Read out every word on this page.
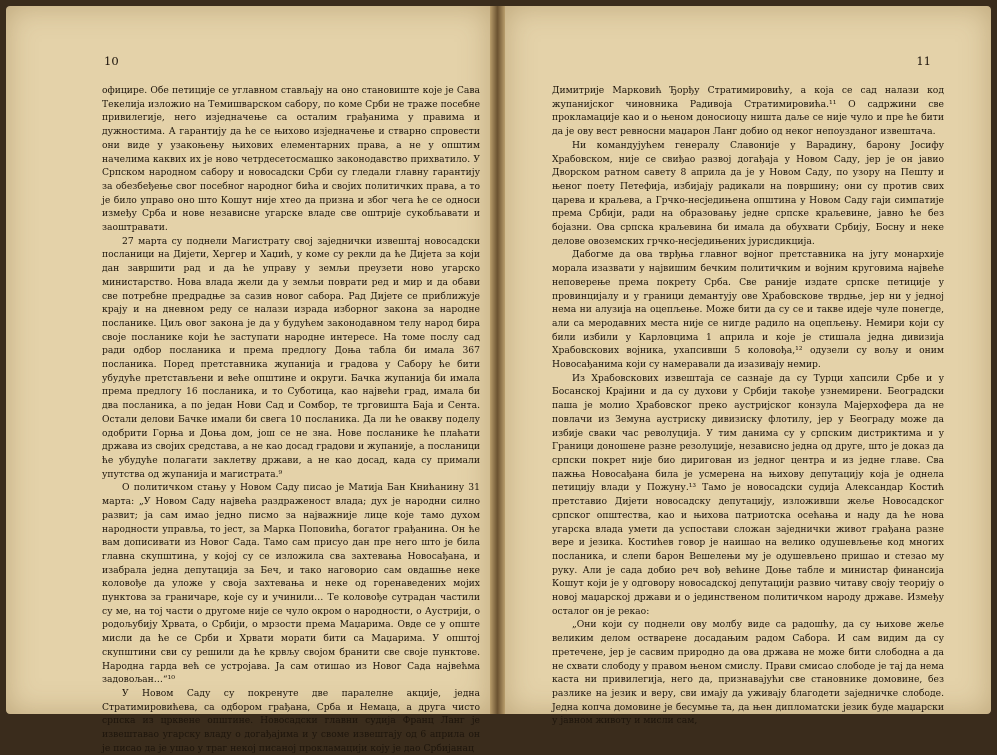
10

официре. Обе петиције се углавном стављају на оно становиште које је Сава Текелија изложио на Темишварском сабору, по коме Срби не траже посебне привилегије, него изједначење са осталим грађанима у правима и дужностима. А гарантију да ће се њихово изједначење и стварно спровести они виде у узакоњењу њихових елементарних права, а не у општим начелима каквих их је ново четрдесетосмашко законодавство прихватило. У Српском народном сабору и новосадски Срби су гледали главну гарантију за обезбеђење свог посебног народног бића и својих политичких права, а то је било управо оно што Кошут није хтео да призна и због чега ће се односи између Срба и нове независне угарске владе све оштрије сукобљавати и заоштравати.

27 марта су поднели Магистрату свој заједнички извештај новосадски посланици на Дијети, Хергер и Хаџић, у коме су рекли да ће Дијета за који дан завршити рад и да ће управу у земљи преузети ново угарско министарство. Нова влада жели да у земљи поврати ред и мир и да обави све потребне предрадње за сазив новог сабора. Рад Дијете се приближује крају и на дневном реду се налази израда изборног закона за народне посланике. Циљ овог закона је да у будућем законодавном телу народ бира своје посланике који ће заступати народне интересе. На томе послу сад ради одбор посланика и према предлогу Доња табла би имала 367 посланика. Поред претставника жупанија и градова у Сабору ће бити убудуће претстављени и веће општине и округи. Бачка жупанија би имала према предлогу 16 посланика, и то Суботица, као највећи град, имала би два посланика, а по један Нови Сад и Сомбор, те трговишта Баја и Сента. Остали делови Бачке имали би свега 10 посланика. Да ли ће овакву поделу одобрити Горња и Доња дом, још се не зна. Нове посланике ће плаћати држава из својих средстава, а не као досад градови и жупаније, а посланици ће убудуће полагати заклетву држави, а не као досад, када су примали упутства од жупанија и магистрата.⁹

О политичком стању у Новом Саду писао је Матија Бан Книћанину 31 марта: „У Новом Саду највећа раздраженост влада; дух је народни силно развит; ја сам имао једно писмо за најважније лице које тамо духом народности управља, то јест, за Марка Поповића, богатог грађанина. Он ће вам дописивати из Новог Сада. Тамо сам присуо дан пре него што је била главна скупштина, у којој су се изложила сва захтевања Новосађана, и изабрала једна депутација за Беч, и тако наговорио сам овдашње неке коловође да уложе у своја захтевања и неке од горенаведених мојих пунктова за граничаре, које су и учинили… Те коловође сутрадан частили су ме, на тој части о другоме није се чуло окром о народности, о Аустрији, о родољубију Хрвата, о Србији, о мрзости према Маџарима. Овде се у опште мисли да ће се Срби и Хрвати морати бити са Маџарима. У општој скупштини сви су решили да ће крвљу својом бранити све своје пунктове. Народна гарда већ се устројава. Ја сам отишао из Новог Сада највећма задовољан…“¹⁰

У Новом Саду су покренуте две паралелне акције, једна Стратимировићева, са одбором грађана, Срба и Немаца, а друга чисто српска из црквене општине. Новосадски главни судија Франц Ланг је извештавао угарску владу о догађајима и у своме извештају од 6 априла он је писао да је ушао у траг некој писаној прокламацији коју је дао Србијанац

11

Димитрије Марковић Ђорђу Стратимировићу, а која се сад налази код жупанијског чиновника Радивоја Стратимировића.¹¹ О садржини све прокламације као и о њеном доносиоцу ништа даље се није чуло и пре ће бити да је ову вест ревносни маџарон Ланг добио од неког непоузданог извештача.

Ни командујућем генералу Славоније у Варадину, барону Јосифу Храбовском, није се свиђао развој догађаја у Новом Саду, јер је он јавио Дворском ратном савету 8 априла да је у Новом Саду, по узору на Пешту и њеног поету Петефија, избијају радикали на површину; они су против свих царева и краљева, а Грчко-несједињена општина у Новом Саду гаји симпатије према Србији, ради на образовању једне српске краљевине, јавно ће без бојазни. Ова српска краљевина би имала да обухвати Србију, Босну и неке делове овоземских грчко-несједињених јурисдикција.

Дабогме да ова тврђња главног војног претставника на југу монархије морала изазвати у највишим бечким политичким и војним круговима највеће неповерење према покрету Срба. Све раније издате српске петиције у провинцијалу и у граници демантују ове Храбовскове тврдње, јер ни у једној нема ни алузија на оцепљење. Може бити да су се и такве идеје чуле понегде, али са меродавних места није се нигде радило на оцепљењу. Немири који су били избили у Карловцима 1 априла и које је стишала једна дивизија Храбовскових војника, ухапсивши 5 коловођа,¹² одузели су вољу и оним Новосађанима који су намеравали да изазивају немир.

Из Храбовскових извештаја се сазнаје да су Турци хапсили Србе и у Босанској Крајини и да су духови у Србији такође узнемирени. Београдски паша је молио Храбовског преко аустријског конзула Мајерхофера да не повлачи из Земуна аустриску дивизиску флотилу, јер у Београду може да избије сваки час револуција. У тим данима су у српским дистриктима и у Граници доношене разне резолуције, независно једна од друге, што је доказ да српски покрет није био диригован из једног центра и из једне главе. Сва пажња Новосађана била је усмерена на њихову депутацију која је однела петицију влади у Пожуну.¹³ Тамо је новосадски судија Александар Костић претставио Дијети новосадску депутацију, изложивши жеље Новосадског српског општества, као и њихова патриотска осећања и наду да ће нова угарска влада умети да успостави сложан заједнички живот грађана разне вере и језика. Костићев говор је наишао на велико одушевљење код многих посланика, и слепи барон Вешелењи му је одушевљено пришао и стезао му руку. Али је сада добио реч вођ већине Доње табле и министар финансија Кошут који је у одговору новосадској депутацији развио читаву своју теорију о новој маџарској држави и о јединственом политичком народу државе. Између осталог он је рекао:

„Они који су поднели ову молбу виде са радошћу, да су њихове жеље великим делом остварене досадањим радом Сабора. И сам видим да су претечене, јер је сасвим природно да ова држава не може бити слободна а да не схвати слободу у правом њеном смислу. Прави смисао слободе је тај да нема каста ни привилегија, него да, признавајући све становнике домовине, без разлике на језик и веру, сви имају да уживају благодети заједничке слободе. Једна копча домовине је бесумње та, да њен дипломатски језик буде маџарски у јавном животу и мисли сам,
